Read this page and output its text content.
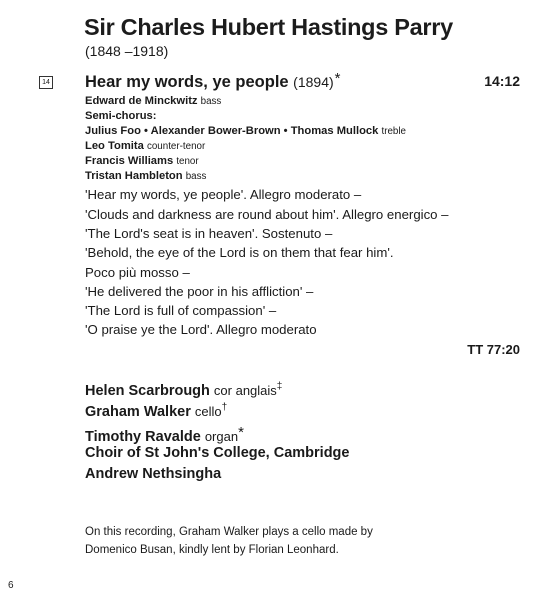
Sir Charles Hubert Hastings Parry
(1848 –1918)
14 Hear my words, ye people (1894)*	14:12
Edward de Minckwitz bass
Semi-chorus:
Julius Foo • Alexander Bower-Brown • Thomas Mullock treble
Leo Tomita counter-tenor
Francis Williams tenor
Tristan Hambleton bass
'Hear my words, ye people'. Allegro moderato –
'Clouds and darkness are round about him'. Allegro energico –
'The Lord's seat is in heaven'. Sostenuto –
'Behold, the eye of the Lord is on them that fear him'.
Poco più mosso –
'He delivered the poor in his affliction' –
'The Lord is full of compassion' –
'O praise ye the Lord'. Allegro moderato
TT 77:20
Helen Scarbrough cor anglais‡
Graham Walker cello†
Timothy Ravalde organ*
Choir of St John's College, Cambridge
Andrew Nethsingha
On this recording, Graham Walker plays a cello made by
Domenico Busan, kindly lent by Florian Leonhard.
6
